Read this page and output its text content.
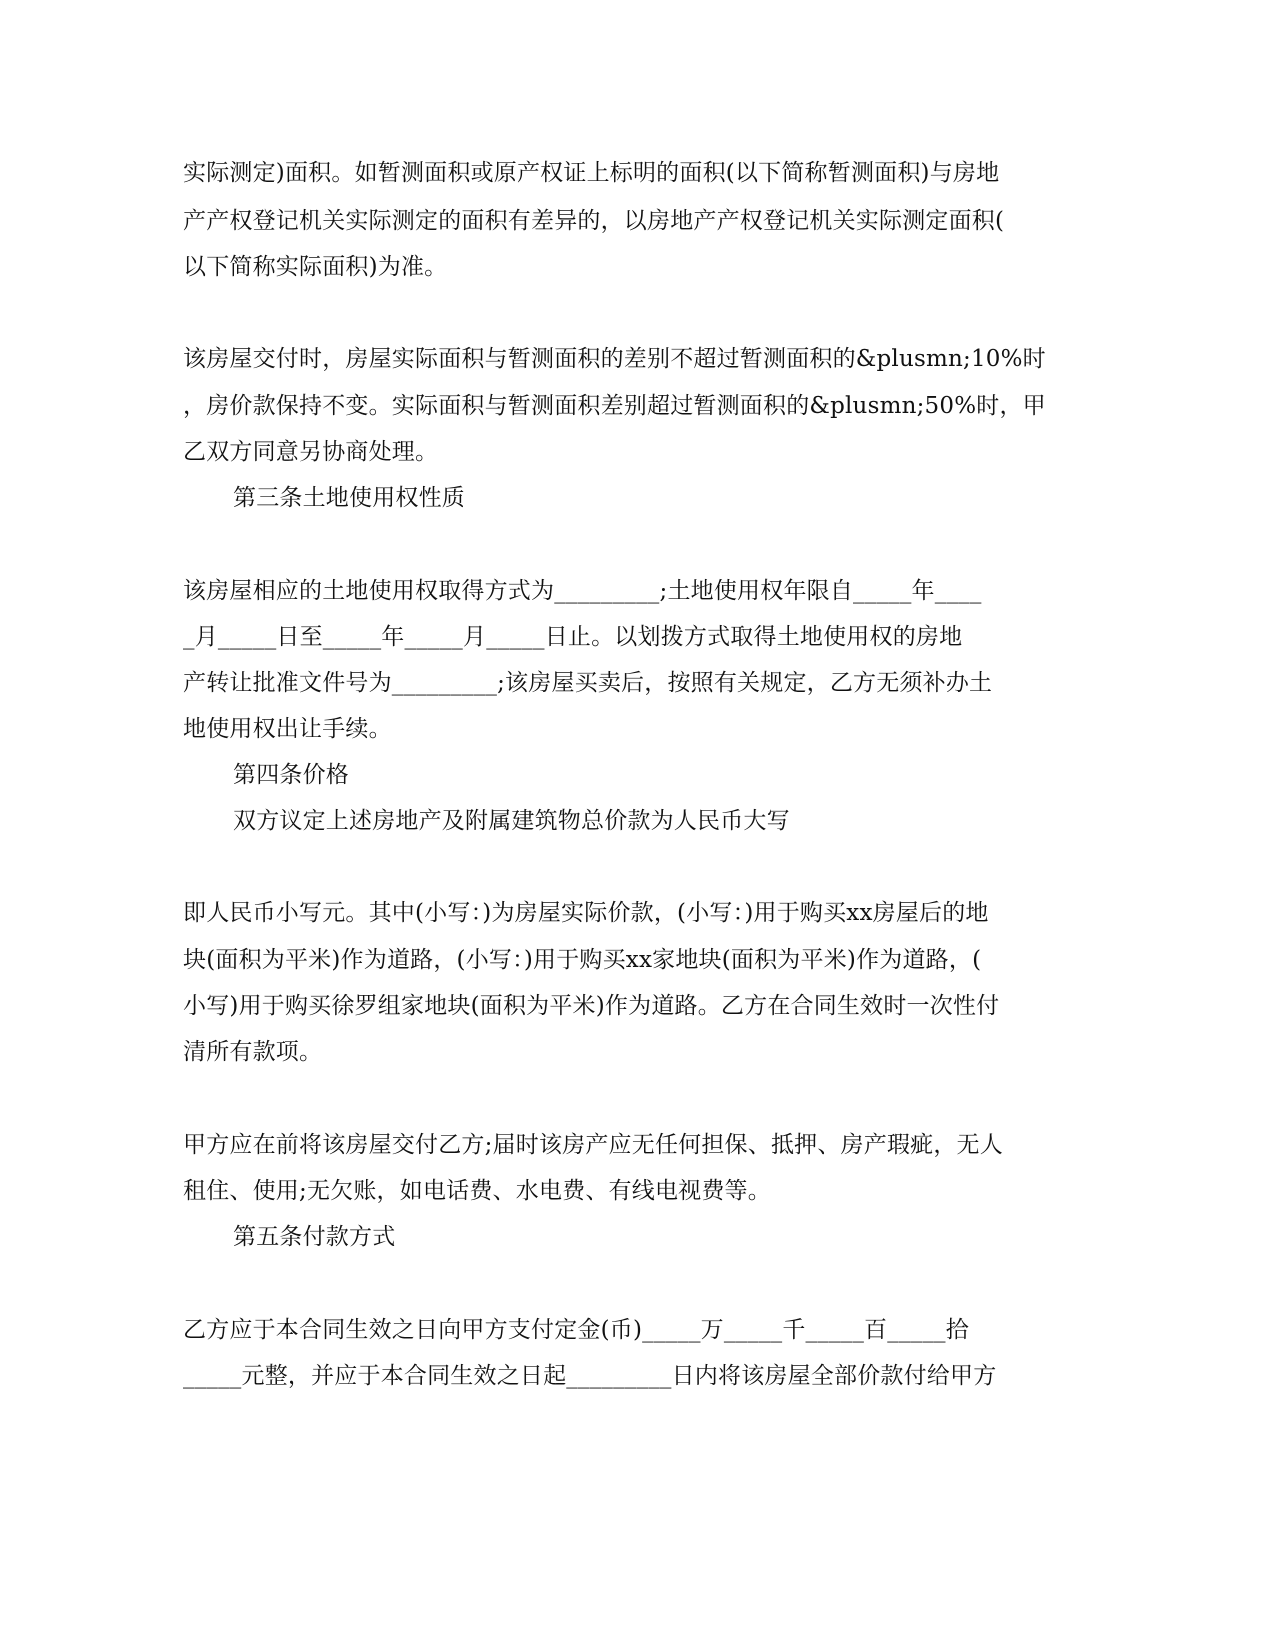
实际测定)面积。如暂测面积或原产权证上标明的面积(以下简称暂测面积)与房地

产产权登记机关实际测定的面积有差异的，以房地产产权登记机关实际测定面积(

以下简称实际面积)为准。

该房屋交付时，房屋实际面积与暂测面积的差别不超过暂测面积的&plusmn;10%时

，房价款保持不变。实际面积与暂测面积差别超过暂测面积的&plusmn;50%时，甲

乙双方同意另协商处理。

第三条土地使用权性质

该房屋相应的土地使用权取得方式为_________;土地使用权年限自_____年____

_月_____日至_____年_____月_____日止。以划拨方式取得土地使用权的房地

产转让批准文件号为_________;该房屋买卖后，按照有关规定，乙方无须补办土

地使用权出让手续。

第四条价格

双方议定上述房地产及附属建筑物总价款为人民币大写

即人民币小写元。其中(小写：)为房屋实际价款，(小写：)用于购买xx房屋后的地

块(面积为平米)作为道路，(小写：)用于购买xx家地块(面积为平米)作为道路，(

小写)用于购买徐罗组家地块(面积为平米)作为道路。乙方在合同生效时一次性付

清所有款项。

甲方应在前将该房屋交付乙方;届时该房产应无任何担保、抵押、房产瑕疵，无人

租住、使用;无欠账，如电话费、水电费、有线电视费等。

第五条付款方式

乙方应于本合同生效之日向甲方支付定金(币)_____万_____千_____百_____拾

_____元整，并应于本合同生效之日起_________日内将该房屋全部价款付给甲方
